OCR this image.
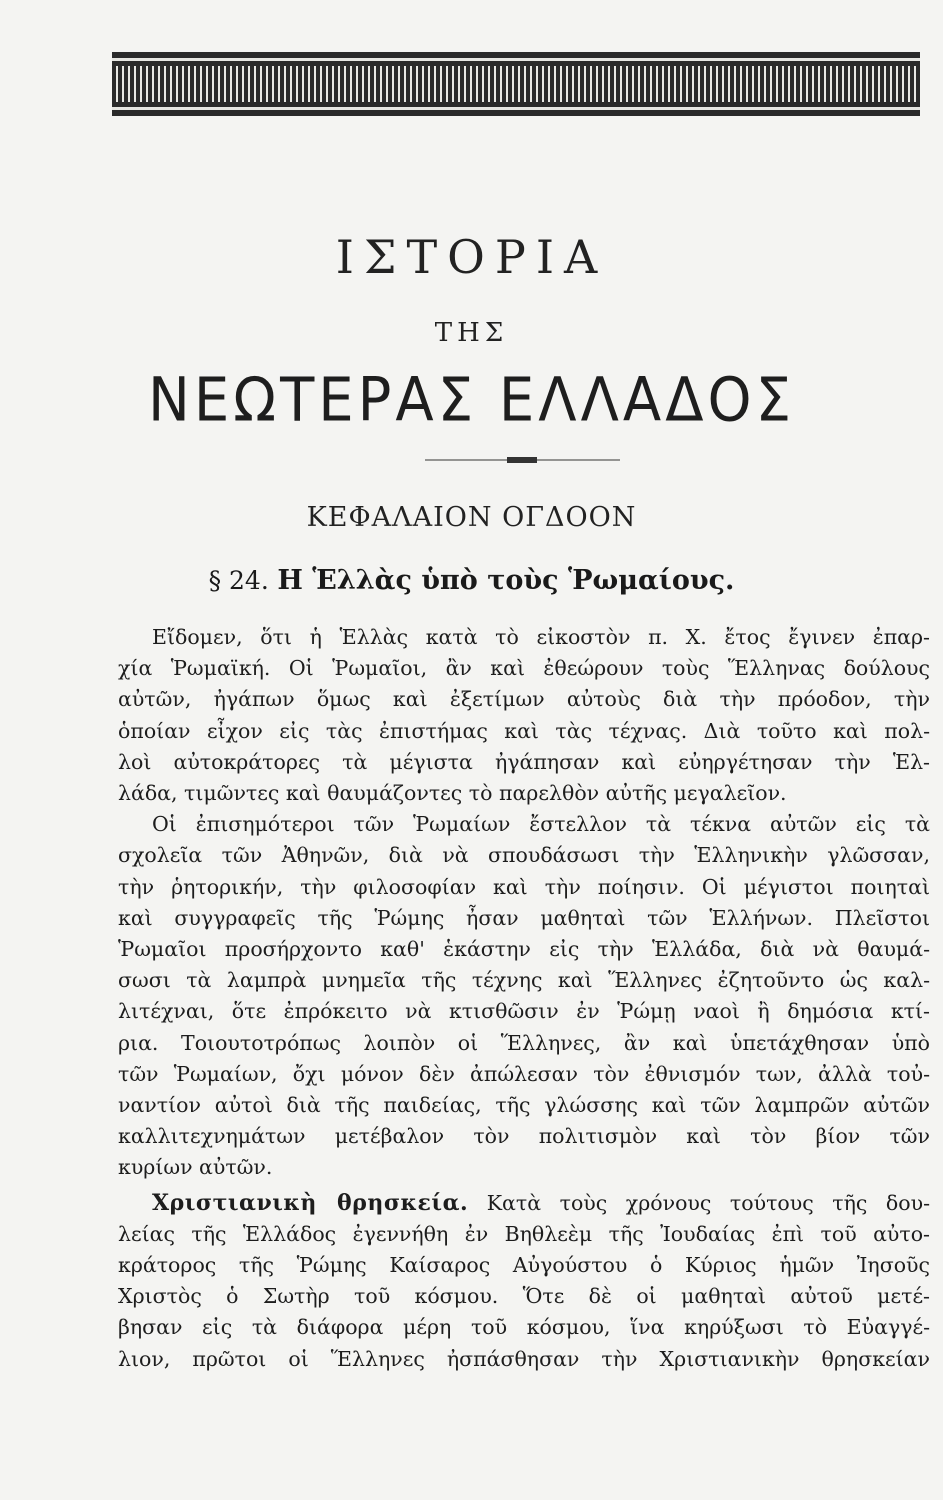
ΙΣΤΟΡΙΑ
ΤΗΣ
ΝΕΩΤΕΡΑΣ ΕΛΛΑΔΟΣ
ΚΕΦΑΛΑΙΟΝ ΟΓΔΟΟΝ
§ 24. Η Ἑλλὰς ὑπὸ τοὺς Ῥωμαίους.
Εἴδομεν, ὅτι ἡ Ἑλλὰς κατὰ τὸ εἰκοστὸν π. Χ. ἔτος ἔγινεν ἐπαρ-
χία Ῥωμαϊκή. Οἱ Ῥωμαῖοι, ἂν καὶ ἐθεώρουν τοὺς Ἕλληνας δούλους
αὐτῶν, ἠγάπων ὅμως καὶ ἐξετίμων αὐτοὺς διὰ τὴν πρόοδον, τὴν
ὁποίαν εἶχον εἰς τὰς ἐπιστήμας καὶ τὰς τέχνας. Διὰ τοῦτο καὶ πολ-
λοὶ αὐτοκράτορες τὰ μέγιστα ἠγάπησαν καὶ εὐηργέτησαν τὴν Ἑλ-
λάδα, τιμῶντες καὶ θαυμάζοντες τὸ παρελθὸν αὐτῆς μεγαλεῖον.
Οἱ ἐπισημότεροι τῶν Ῥωμαίων ἔστελλον τὰ τέκνα αὐτῶν εἰς τὰ
σχολεῖα τῶν Ἀθηνῶν, διὰ νὰ σπουδάσωσι τὴν Ἑλληνικὴν γλῶσσαν,
τὴν ῥητορικήν, τὴν φιλοσοφίαν καὶ τὴν ποίησιν. Οἱ μέγιστοι ποιηταὶ
καὶ συγγραφεῖς τῆς Ῥώμης ἦσαν μαθηταὶ τῶν Ἑλλήνων. Πλεῖστοι
Ῥωμαῖοι προσήρχοντο καθ' ἑκάστην εἰς τὴν Ἑλλάδα, διὰ νὰ θαυμά-
σωσι τὰ λαμπρὰ μνημεῖα τῆς τέχνης καὶ Ἕλληνες ἐζητοῦντο ὡς καλ-
λιτέχναι, ὅτε ἐπρόκειτο νὰ κτισθῶσιν ἐν Ῥώμῃ ναοὶ ἢ δημόσια κτί-
ρια. Τοιουτοτρόπως λοιπὸν οἱ Ἕλληνες, ἂν καὶ ὑπετάχθησαν ὑπὸ
τῶν Ῥωμαίων, ὄχι μόνον δὲν ἀπώλεσαν τὸν ἐθνισμόν των, ἀλλὰ τοὐ-
ναντίον αὐτοὶ διὰ τῆς παιδείας, τῆς γλώσσης καὶ τῶν λαμπρῶν αὐτῶν
καλλιτεχνημάτων μετέβαλον τὸν πολιτισμὸν καὶ τὸν βίον τῶν
κυρίων αὐτῶν.
Χριστιανικὴ θρησκεία. Κατὰ τοὺς χρόνους τούτους τῆς δου-
λείας τῆς Ἑλλάδος ἐγεννήθη ἐν Βηθλεὲμ τῆς Ἰουδαίας ἐπὶ τοῦ αὐτο-
κράτορος τῆς Ῥώμης Καίσαρος Αὐγούστου ὁ Κύριος ἡμῶν Ἰησοῦς
Χριστὸς ὁ Σωτὴρ τοῦ κόσμου. Ὅτε δὲ οἱ μαθηταὶ αὐτοῦ μετέ-
βησαν εἰς τὰ διάφορα μέρη τοῦ κόσμου, ἵνα κηρύξωσι τὸ Εὐαγγέ-
λιον, πρῶτοι οἱ Ἕλληνες ἠσπάσθησαν τὴν Χριστιανικὴν θρησκείαν
